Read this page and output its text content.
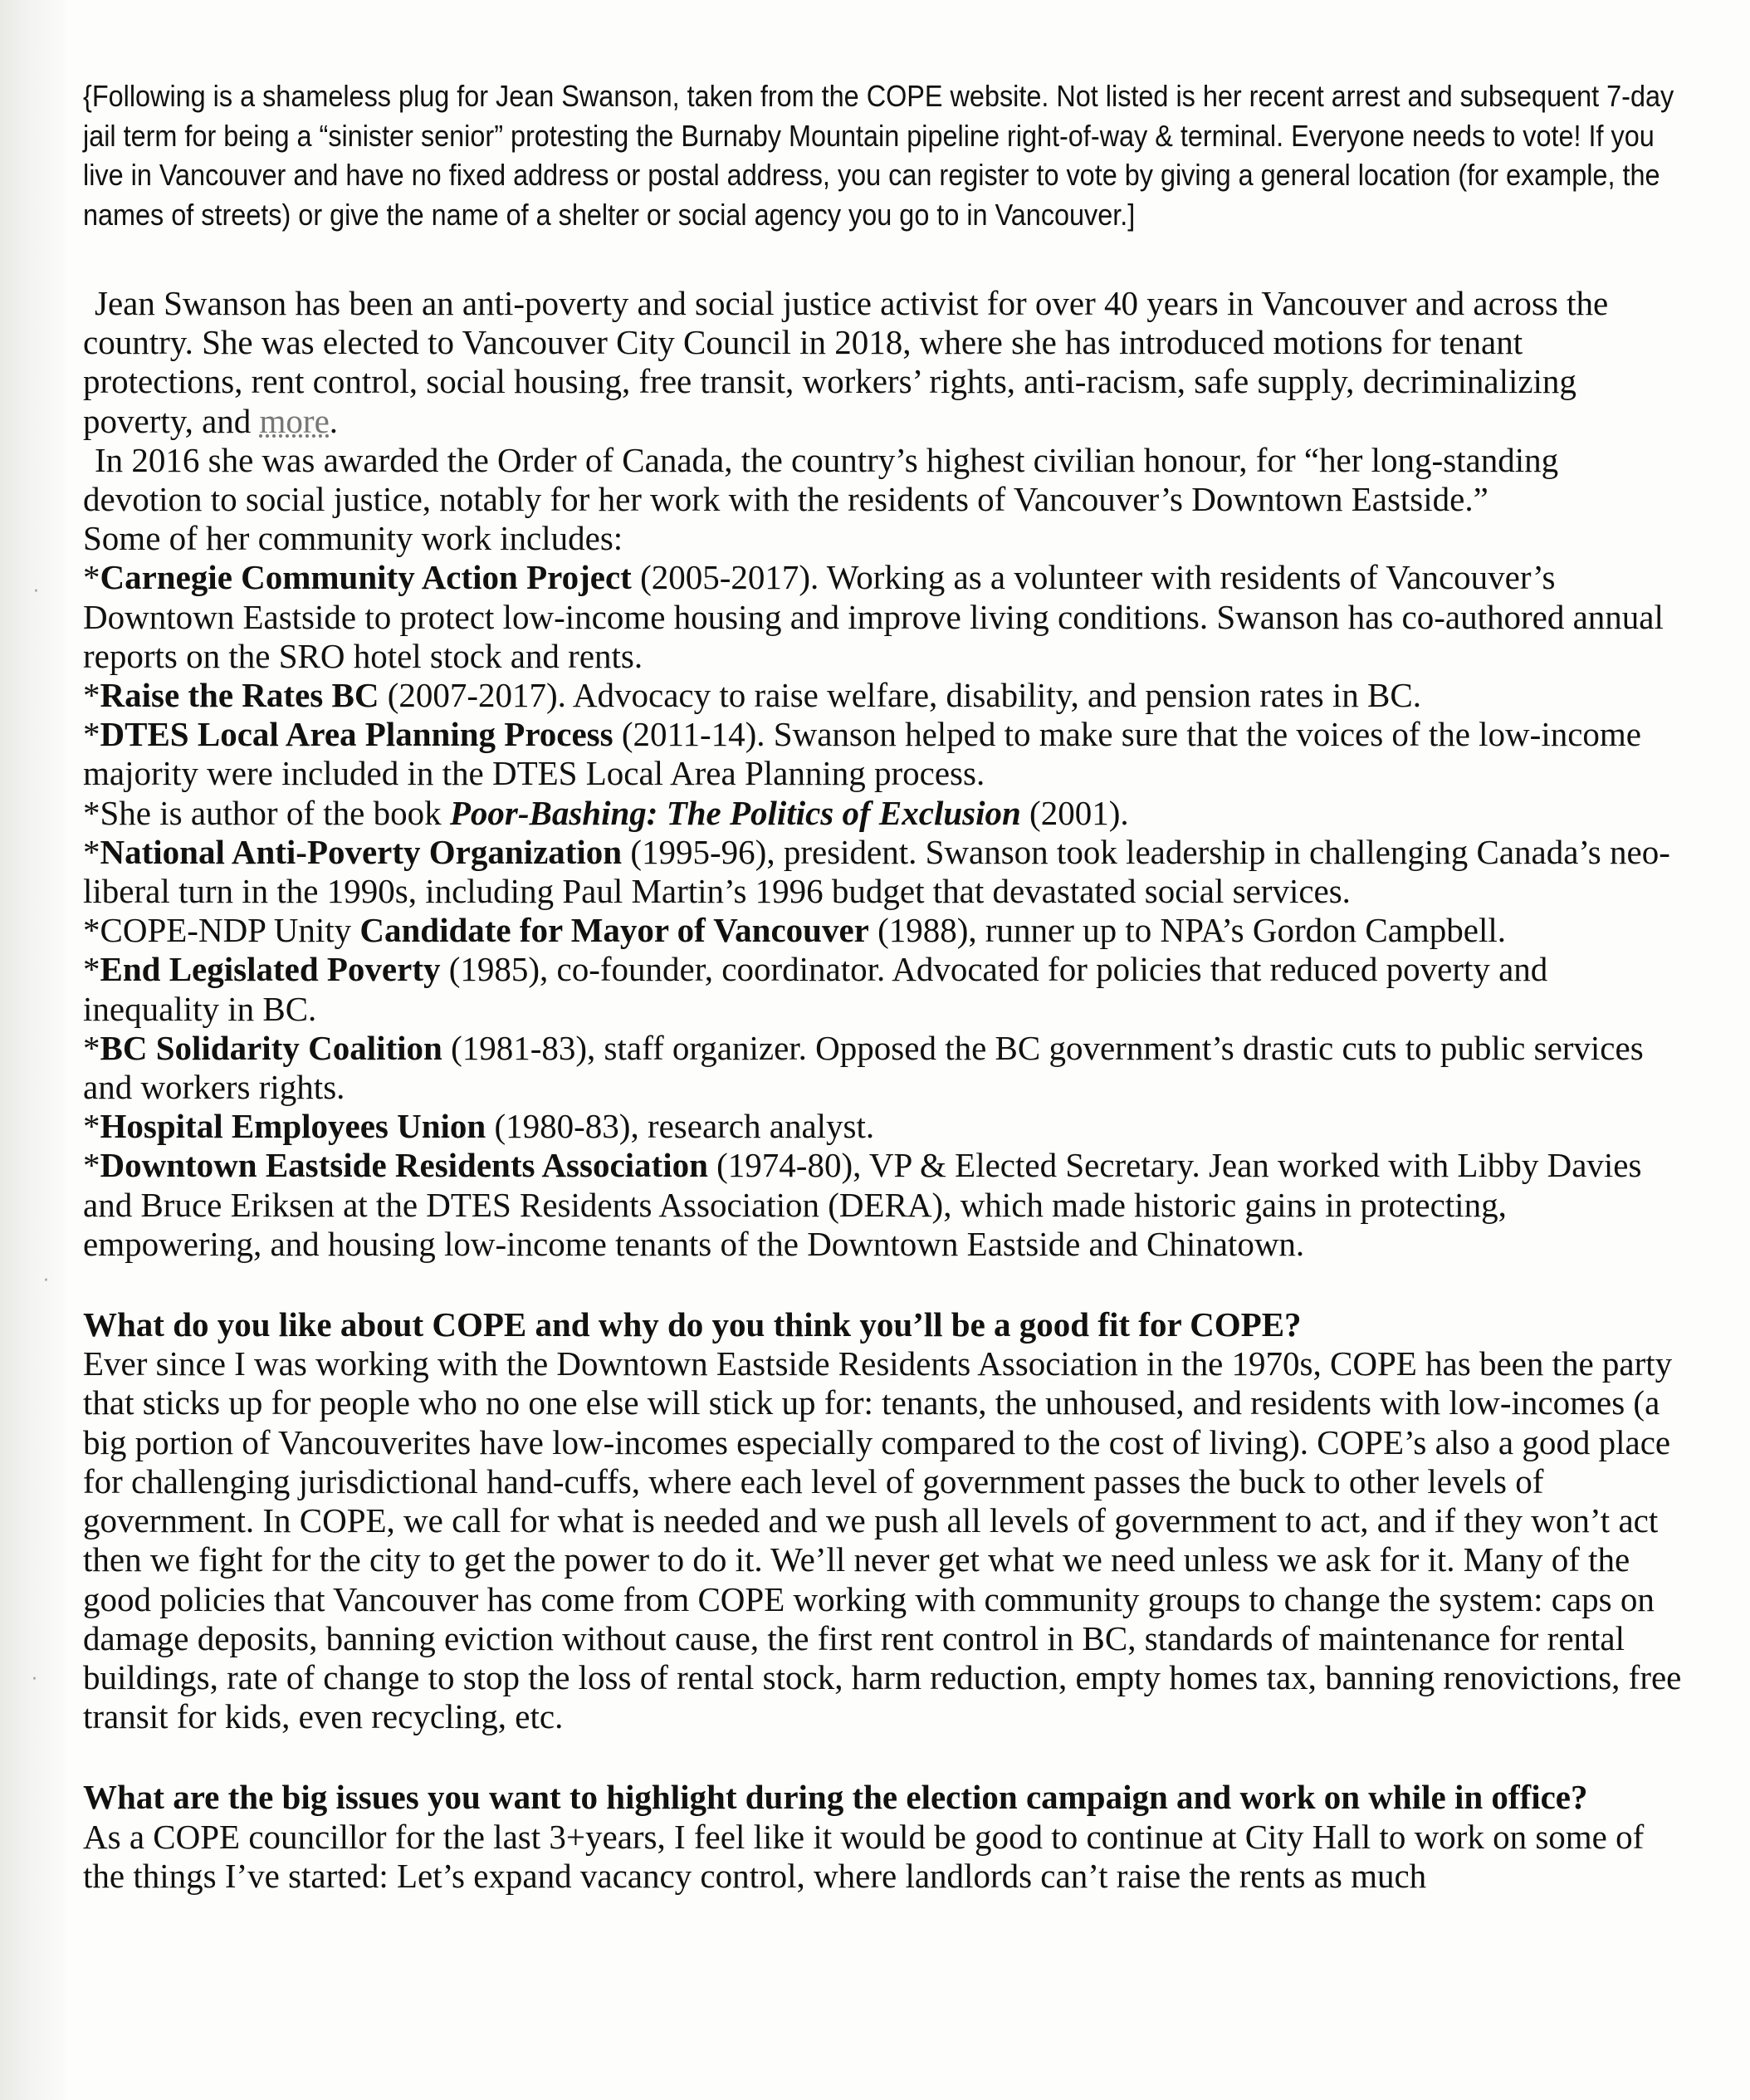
·
·
·

{Following is a shameless plug for Jean Swanson, taken from the COPE website. Not listed is her recent arrest and subsequent 7-day jail term for being a “sinister senior” protesting the Burnaby Mountain pipeline right-of-way & terminal. Everyone needs to vote! If you live in Vancouver and have no fixed address or postal address, you can register to vote by giving a general location (for example, the names of streets) or give the name of a shelter or social agency you go to in Vancouver.]

Jean Swanson has been an anti-poverty and social justice activist for over 40 years in Vancouver and across the country. She was elected to Vancouver City Council in 2018, where she has introduced motions for tenant protections, rent control, social housing, free transit, workers’ rights, anti-racism, safe supply, decriminalizing poverty, and more.

In 2016 she was awarded the Order of Canada, the country’s highest civilian honour, for “her long-standing devotion to social justice, notably for her work with the residents of Vancouver’s Downtown Eastside.”

Some of her community work includes:

*Carnegie Community Action Project (2005-2017). Working as a volunteer with residents of Vancouver’s Downtown Eastside to protect low-income housing and improve living conditions. Swanson has co-authored annual reports on the SRO hotel stock and rents.

*Raise the Rates BC (2007-2017). Advocacy to raise welfare, disability, and pension rates in BC.

*DTES Local Area Planning Process (2011-14). Swanson helped to make sure that the voices of the low-income majority were included in the DTES Local Area Planning process.

*She is author of the book Poor-Bashing: The Politics of Exclusion (2001).

*National Anti-Poverty Organization (1995-96), president. Swanson took leadership in challenging Canada’s neo-liberal turn in the 1990s, including Paul Martin’s 1996 budget that devastated social services.

*COPE-NDP Unity Candidate for Mayor of Vancouver (1988), runner up to NPA’s Gordon Campbell.

*End Legislated Poverty (1985), co-founder, coordinator. Advocated for policies that reduced poverty and inequality in BC.

*BC Solidarity Coalition (1981-83), staff organizer. Opposed the BC government’s drastic cuts to public services and workers rights.

*Hospital Employees Union (1980-83), research analyst.

*Downtown Eastside Residents Association (1974-80), VP & Elected Secretary. Jean worked with Libby Davies and Bruce Eriksen at the DTES Residents Association (DERA), which made historic gains in protecting, empowering, and housing low-income tenants of the Downtown Eastside and Chinatown.

What do you like about COPE and why do you think you’ll be a good fit for COPE?

Ever since I was working with the Downtown Eastside Residents Association in the 1970s, COPE has been the party that sticks up for people who no one else will stick up for: tenants, the unhoused, and residents with low-incomes (a big portion of Vancouverites have low-incomes especially compared to the cost of living). COPE’s also a good place for challenging jurisdictional hand-cuffs, where each level of government passes the buck to other levels of government. In COPE, we call for what is needed and we push all levels of government to act, and if they won’t act then we fight for the city to get the power to do it. We’ll never get what we need unless we ask for it. Many of the good policies that Vancouver has come from COPE working with community groups to change the system: caps on damage deposits, banning eviction without cause, the first rent control in BC, standards of maintenance for rental buildings, rate of change to stop the loss of rental stock, harm reduction, empty homes tax, banning renovictions, free transit for kids, even recycling, etc.

What are the big issues you want to highlight during the election campaign and work on while in office?

As a COPE councillor for the last 3+years, I feel like it would be good to continue at City Hall to work on some of the things I’ve started: Let’s expand vacancy control, where landlords can’t raise the rents as much
